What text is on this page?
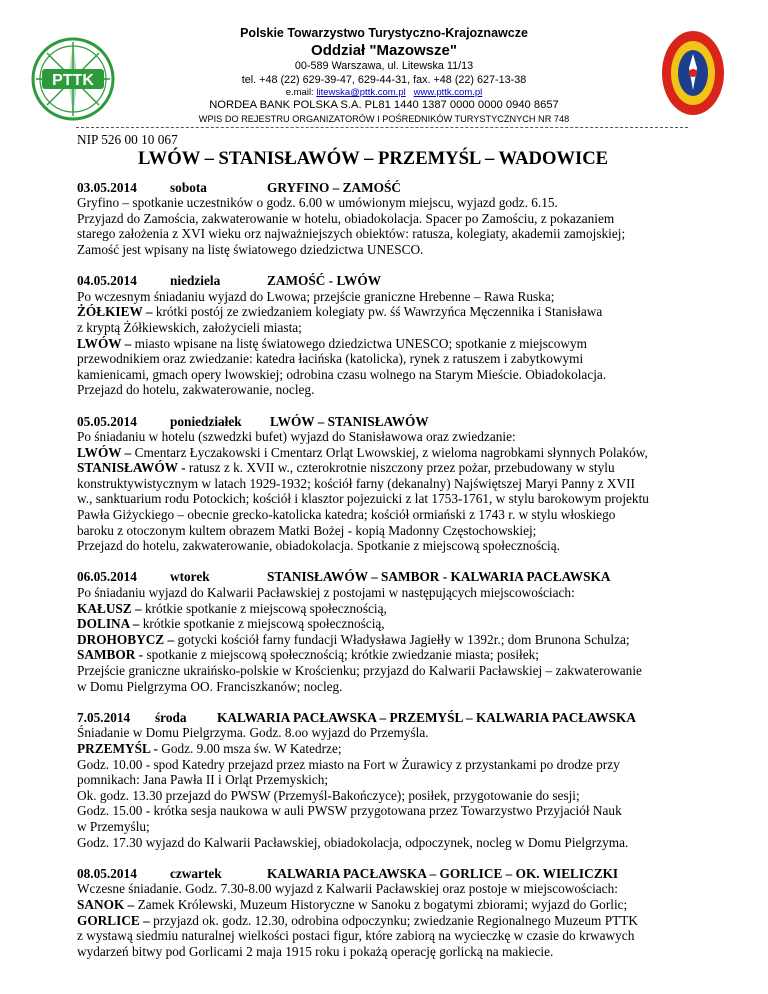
PTTK
Polskie Towarzystwo Turystyczno-Krajoznawcze
Oddział "Mazowsze"
00-589 Warszawa, ul. Litewska 11/13
tel. +48 (22) 629-39-47, 629-44-31, fax. +48 (22) 627-13-38
e.mail: litewska@pttk.com.pl www.pttk.com.pl
NORDEA BANK POLSKA S.A. PL81 1440 1387 0000 0000 0940 8657
WPIS DO REJESTRU ORGANIZATORÓW I POŚREDNIKÓW TURYSTYCZNYCH NR 748

NIP 526 00 10 067

LWÓW – STANISŁAWÓW – PRZEMYŚL – WADOWICE
03.05.2014	sobota	GRYFINO – ZAMOŚĆ

Gryfino – spotkanie uczestników o godz. 6.00 w umówionym miejscu, wyjazd godz. 6.15.

Przyjazd do Zamościa, zakwaterowanie w hotelu, obiadokolacja. Spacer po Zamościu, z pokazaniem

starego założenia z XVI wieku orz najważniejszych obiektów: ratusza, kolegiaty, akademii zamojskiej;

Zamość jest wpisany na listę światowego dziedzictwa UNESCO.

04.05.2014	niedziela	ZAMOŚĆ - LWÓW

Po wczesnym śniadaniu wyjazd do Lwowa; przejście graniczne Hrebenne – Rawa Ruska;

ŻÓŁKIEW – krótki postój ze zwiedzaniem kolegiaty pw. śś Wawrzyńca Męczennika i Stanisława

z kryptą Żółkiewskich, założycieli miasta;

LWÓW – miasto wpisane na listę światowego dziedzictwa UNESCO; spotkanie z miejscowym

przewodnikiem oraz zwiedzanie: katedra łacińska (katolicka), rynek z ratuszem i zabytkowymi

kamienicami, gmach opery lwowskiej; odrobina czasu wolnego na Starym Mieście. Obiadokolacja.

Przejazd do hotelu, zakwaterowanie, nocleg.

05.05.2014	poniedziałek	LWÓW – STANISŁAWÓW

Po śniadaniu w hotelu (szwedzki bufet) wyjazd do Stanisławowa oraz zwiedzanie:

LWÓW – Cmentarz Łyczakowski i Cmentarz Orląt Lwowskiej, z wieloma nagrobkami słynnych Polaków,

STANISŁAWÓW - ratusz z k. XVII w., czterokrotnie niszczony przez pożar, przebudowany w stylu

konstruktywistycznym w latach 1929-1932; kościół farny (dekanalny) Najświętszej Maryi Panny z XVII

w., sanktuarium rodu Potockich; kościół i klasztor pojezuicki z lat 1753-1761, w stylu barokowym projektu

Pawła Giżyckiego – obecnie grecko-katolicka katedra; kościół ormiański z 1743 r. w stylu włoskiego

baroku z otoczonym kultem obrazem Matki Bożej - kopią Madonny Częstochowskiej;

Przejazd do hotelu, zakwaterowanie, obiadokolacja. Spotkanie z miejscową społecznością.

06.05.2014	wtorek	STANISŁAWÓW – SAMBOR - KALWARIA PACŁAWSKA

Po śniadaniu wyjazd do Kalwarii Pacławskiej z postojami w następujących miejscowościach:

KAŁUSZ – krótkie spotkanie z miejscową społecznością,

DOLINA – krótkie spotkanie z miejscową społecznością,

DROHOBYCZ – gotycki kościół farny fundacji Władysława Jagiełły w 1392r.; dom Brunona Schulza;

SAMBOR - spotkanie z miejscową społecznością; krótkie zwiedzanie miasta; posiłek;

Przejście graniczne ukraińsko-polskie w Krościenku; przyjazd do Kalwarii Pacławskiej – zakwaterowanie

w Domu Pielgrzyma OO. Franciszkanów; nocleg.

7.05.2014	środa	KALWARIA PACŁAWSKA – PRZEMYŚL – KALWARIA PACŁAWSKA

Śniadanie w Domu Pielgrzyma. Godz. 8.oo wyjazd do Przemyśla.

PRZEMYŚL - Godz. 9.00 msza św. W Katedrze;

Godz. 10.00 - spod Katedry przejazd przez miasto na Fort w Żurawicy z przystankami po drodze przy

pomnikach: Jana Pawła II i Orląt Przemyskich;

Ok. godz. 13.30 przejazd do PWSW (Przemyśl-Bakończyce); posiłek, przygotowanie do sesji;

Godz. 15.00 - krótka sesja naukowa w auli PWSW przygotowana przez Towarzystwo Przyjaciół Nauk

w Przemyślu;

Godz. 17.30 wyjazd do Kalwarii Pacławskiej, obiadokolacja, odpoczynek, nocleg w Domu Pielgrzyma.

08.05.2014	czwartek	KALWARIA PACŁAWSKA – GORLICE – OK. WIELICZKI

Wczesne śniadanie. Godz. 7.30-8.00 wyjazd z Kalwarii Pacławskiej oraz postoje w miejscowościach:

SANOK – Zamek Królewski, Muzeum Historyczne w Sanoku z bogatymi zbiorami; wyjazd do Gorlic;

GORLICE – przyjazd ok. godz. 12.30, odrobina odpoczynku; zwiedzanie Regionalnego Muzeum PTTK

z wystawą siedmiu naturalnej wielkości postaci figur, które zabiorą na wycieczkę w czasie do krwawych

wydarzeń bitwy pod Gorlicami 2 maja 1915 roku i pokażą operację gorlicką na makiecie.
